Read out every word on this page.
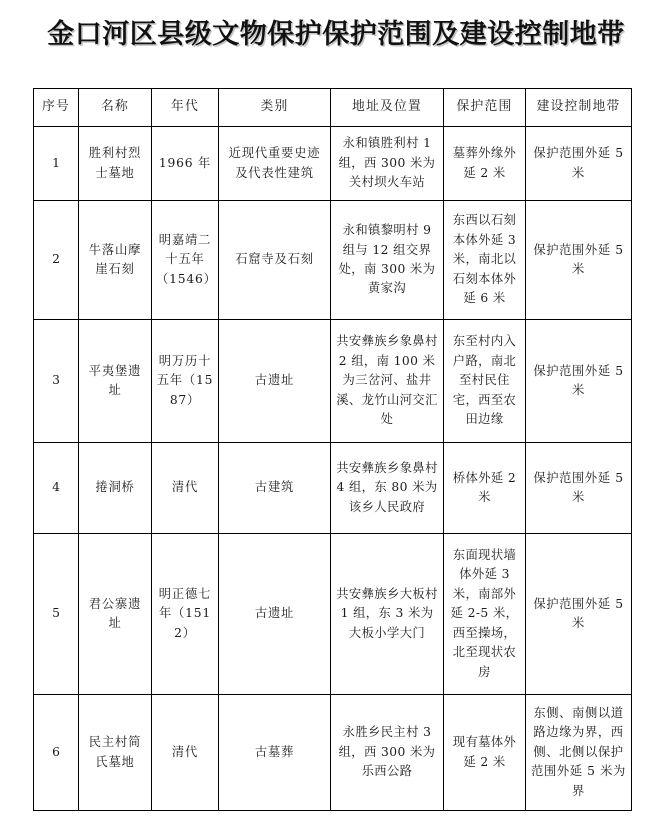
金口河区县级文物保护保护范围及建设控制地带
序号	名称	年代	类别	地址及位置	保护范围	建设控制地带
1	胜利村烈士墓地	1966 年	近现代重要史迹及代表性建筑	永和镇胜利村 1 组，西 300 米为关村坝火车站	墓葬外缘外延 2 米	保护范围外延 5 米
2	牛落山摩崖石刻	明嘉靖二十五年（1546）	石窟寺及石刻	永和镇黎明村 9 组与 12 组交界处，南 300 米为黄家沟	东西以石刻本体外延 3 米，南北以石刻本体外延 6 米	保护范围外延 5 米
3	平夷堡遗址	明万历十五年（1587）	古遗址	共安彝族乡象鼻村 2 组，南 100 米为三岔河、盐井溪、龙竹山河交汇处	东至村内入户路，南北至村民住宅，西至农田边缘	保护范围外延 5 米
4	捲洞桥	清代	古建筑	共安彝族乡象鼻村 4 组，东 80 米为该乡人民政府	桥体外延 2 米	保护范围外延 5 米
5	君公寨遗址	明正德七年（1512）	古遗址	共安彝族乡大板村 1 组，东 3 米为大板小学大门	东面现状墙体外延 3 米，南部外延 2-5 米，西至操场，北至现状农房	保护范围外延 5 米
6	民主村简氏墓地	清代	古墓葬	永胜乡民主村 3 组，西 300 米为乐西公路	现有墓体外延 2 米	东侧、南侧以道路边缘为界，西侧、北侧以保护范围外延 5 米为界
